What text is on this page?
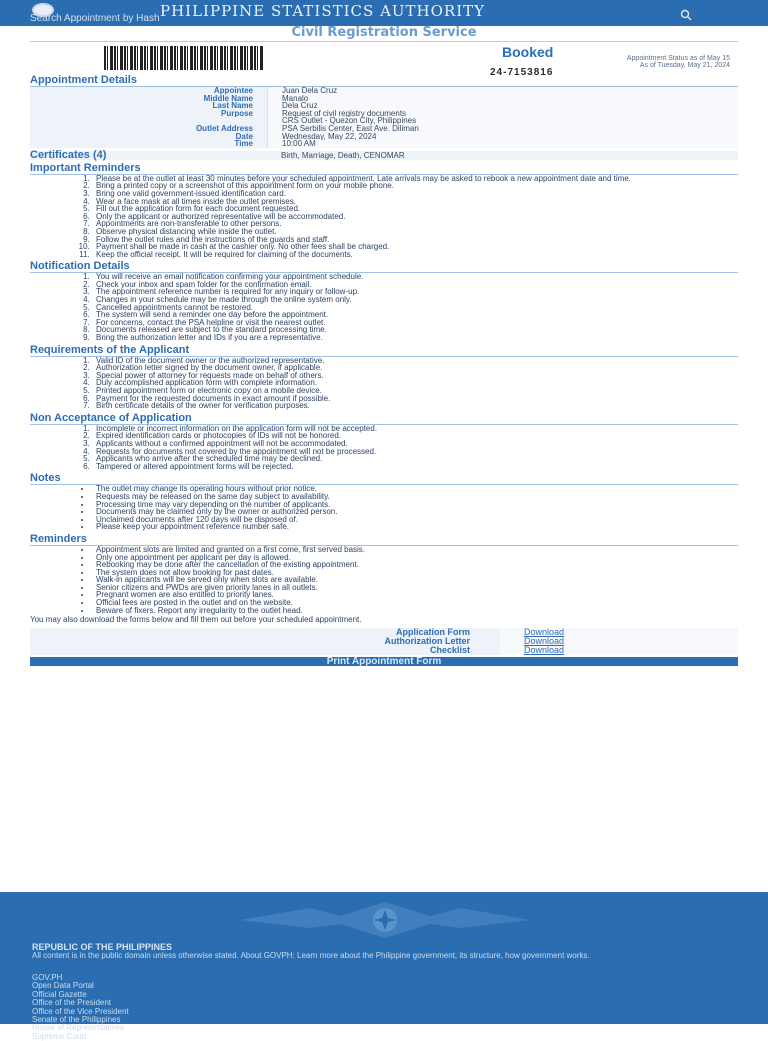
PHILIPPINE STATISTICS AUTHORITY
Search Appointment by Hash
Civil Registration Service
Booked	Appointment Status as of May 15
As of Tuesday, May 21, 2024
24-7153816
Appointment Details
Appointee	Juan Dela Cruz
Middle Name	Manalo
Last Name	Dela Cruz
Purpose	Request of civil registry documents
CRS Outlet - Quezon City, Philippines
Outlet Address	PSA Serbilis Center, East Ave. Diliman
Date	Wednesday, May 22, 2024
Time	10:00 AM
Certificates (4)	Birth, Marriage, Death, CENOMAR
Important Reminders
1. Please be at the outlet at least 30 minutes before your scheduled appointment. Late arrivals may be asked to rebook a new appointment date and time.
2. Bring a printed copy or a screenshot of this appointment form on your mobile phone.
3. Bring one valid government-issued identification card.
4. Wear a face mask at all times inside the outlet premises.
5. Fill out the application form for each document requested.
6. Only the applicant or authorized representative will be accommodated.
7. Appointments are non-transferable to other persons.
8. Observe physical distancing while inside the outlet.
9. Follow the outlet rules and the instructions of the guards and staff.
10. Payment shall be made in cash at the cashier only. No other fees shall be charged.
11. Keep the official receipt. It will be required for claiming of the documents.
Notification Details
1. You will receive an email notification confirming your appointment schedule.
2. Check your inbox and spam folder for the confirmation email.
3. The appointment reference number is required for any inquiry or follow-up.
4. Changes in your schedule may be made through the online system only.
5. Cancelled appointments cannot be restored.
6. The system will send a reminder one day before the appointment.
7. For concerns, contact the PSA helpline or visit the nearest outlet.
8. Documents released are subject to the standard processing time.
9. Bring the authorization letter and IDs if you are a representative.
Requirements of the Applicant
1. Valid ID of the document owner or the authorized representative.
2. Authorization letter signed by the document owner, if applicable.
3. Special power of attorney for requests made on behalf of others.
4. Duly accomplished application form with complete information.
5. Printed appointment form or electronic copy on a mobile device.
6. Payment for the requested documents in exact amount if possible.
7. Birth certificate details of the owner for verification purposes.
Non Acceptance of Application
1. Incomplete or incorrect information on the application form will not be accepted.
2. Expired identification cards or photocopies of IDs will not be honored.
3. Applicants without a confirmed appointment will not be accommodated.
4. Requests for documents not covered by the appointment will not be processed.
5. Applicants who arrive after the scheduled time may be declined.
6. Tampered or altered appointment forms will be rejected.
Notes
• The outlet may change its operating hours without prior notice.
• Requests may be released on the same day subject to availability.
• Processing time may vary depending on the number of applicants.
• Documents may be claimed only by the owner or authorized person.
• Unclaimed documents after 120 days will be disposed of.
• Please keep your appointment reference number safe.
Reminders
• Appointment slots are limited and granted on a first come, first served basis.
• Only one appointment per applicant per day is allowed.
• Rebooking may be done after the cancellation of the existing appointment.
• The system does not allow booking for past dates.
• Walk-in applicants will be served only when slots are available.
• Senior citizens and PWDs are given priority lanes in all outlets.
• Pregnant women are also entitled to priority lanes.
• Official fees are posted in the outlet and on the website.
• Beware of fixers. Report any irregularity to the outlet head.
You may also download the forms below and fill them out before your scheduled appointment.
Application Form	Download
Authorization Letter	Download
Checklist	Download
Print Appointment Form
REPUBLIC OF THE PHILIPPINES
All content is in the public domain unless otherwise stated. About GOVPH: Learn more about the Philippine government, its structure, how government works.
GOV.PH
Open Data Portal
Official Gazette
Office of the President
Office of the Vice President
Senate of the Philippines
House of Representatives
Supreme Court
